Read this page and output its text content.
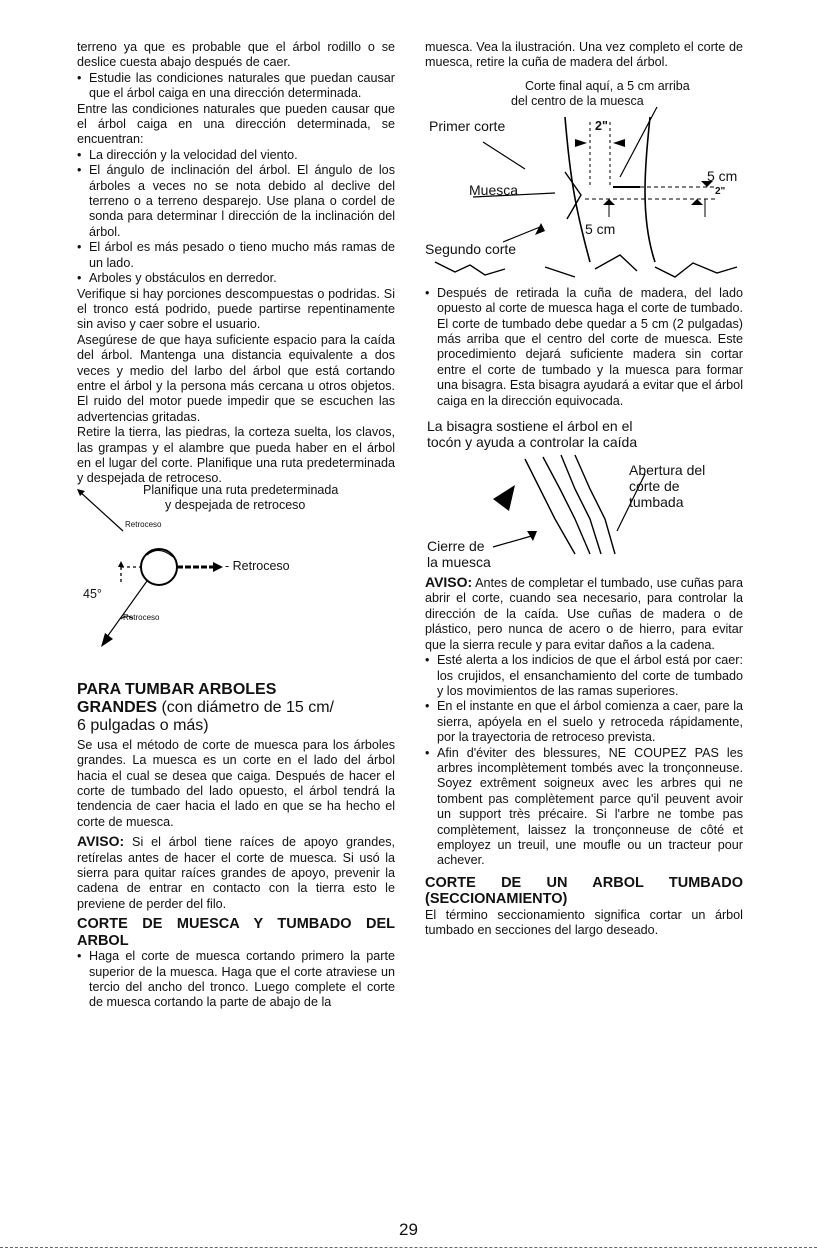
terreno ya que es probable que el árbol rodillo o se deslice cuesta abajo después de caer.

• Estudie las condiciones naturales que puedan causar que el árbol caiga en una dirección determinada.

Entre las condiciones naturales que pueden causar que el árbol caiga en una dirección determinada, se encuentran:

• La dirección y la velocidad del viento.

• El ángulo de inclinación del árbol. El ángulo de los árboles a veces no se nota debido al declive del terreno o a terreno desparejo. Use plana o cordel de sonda para determinar l dirección de la inclinación del árbol.

• El árbol es más pesado o tieno mucho más ramas de un lado.

• Arboles y obstáculos en derredor.

Verifique si hay porciones descompuestas o podridas. Si el tronco está podrido, puede partirse repentinamente sin aviso y caer sobre el usuario.

Asegúrese de que haya suficiente espacio para la caída del árbol. Mantenga una distancia equivalente a dos veces y medio del larbo del árbol que está cortando entre el árbol y la persona más cercana u otros objetos. El ruido del motor puede impedir que se escuchen las advertencias gritadas.

Retire la tierra, las piedras, la corteza suelta, los clavos, las grampas y el alambre que pueda haber en el árbol en el lugar del corte. Planifique una ruta predeterminada y despejada de retroceso.

Planifique una ruta predeterminada
y despejada de retroceso
Retroceso
- Retroceso
45°
Retroceso

PARA TUMBAR ARBOLES

GRANDES (con diámetro de 15 cm/

6 pulgadas o más)

Se usa el método de corte de muesca para los árboles grandes. La muesca es un corte en el lado del árbol hacia el cual se desea que caiga. Después de hacer el corte de tumbado del lado opuesto, el árbol tendrá la tendencia de caer hacia el lado en que se ha hecho el corte de muesca.

AVISO: Si el árbol tiene raíces de apoyo grandes, retírelas antes de hacer el corte de muesca. Si usó la sierra para quitar raíces grandes de apoyo, prevenir la cadena de entrar en contacto con la tierra esto le previene de perder del filo.

CORTE DE MUESCA Y TUMBADO DEL ARBOL

• Haga el corte de muesca cortando primero la parte superior de la muesca. Haga que el corte atraviese un tercio del ancho del tronco. Luego complete el corte de muesca cortando la parte de abajo de la

muesca. Vea la ilustración. Una vez completo el corte de muesca, retire la cuña de madera del árbol.

Corte final aquí, a 5 cm arriba
del centro de la muesca
Primer corte	2"
5 cm
2"
Muesca
5 cm
Segundo corte

• Después de retirada la cuña de madera, del lado opuesto al corte de muesca haga el corte de tumbado. El corte de tumbado debe quedar a 5 cm (2 pulgadas) más arriba que el centro del corte de muesca. Este procedimiento dejará suficiente madera sin cortar entre el corte de tumbado y la muesca para formar una bisagra. Esta bisagra ayudará a evitar que el árbol caiga en la dirección equivocada.

La bisagra sostiene el árbol en el
tocón y ayuda a controlar la caída
Abertura del
corte de
tumbada
Cierre de
la muesca

AVISO: Antes de completar el tumbado, use cuñas para abrir el corte, cuando sea necesario, para controlar la dirección de la caída. Use cuñas de madera o de plástico, pero nunca de acero o de hierro, para evitar que la sierra recule y para evitar daños a la cadena.

• Esté alerta a los indicios de que el árbol está por caer: los crujidos, el ensanchamiento del corte de tumbado y los movimientos de las ramas superiores.

• En el instante en que el árbol comienza a caer, pare la sierra, apóyela en el suelo y retroceda rápidamente, por la trayectoria de retroceso prevista.

• Afin d'éviter des blessures, NE COUPEZ PAS les arbres incomplètement tombés avec la tronçonneuse. Soyez extrêment soigneux avec les arbres qui ne tombent pas complètement parce qu'il peuvent avoir un support très précaire. Si l'arbre ne tombe pas complètement, laissez la tronçonneuse de côté et employez un treuil, une moufle ou un tracteur pour achever.

CORTE DE UN ARBOL TUMBADO (SECCIONAMIENTO)

El término seccionamiento significa cortar un árbol tumbado en secciones del largo deseado.

29
